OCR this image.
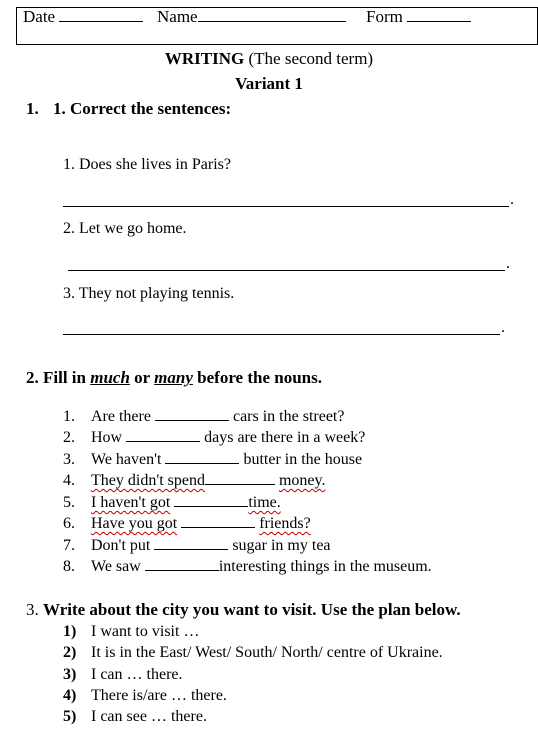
Date	Name	Form
WRITING (The second term)
Variant 1
1. 1. Correct the sentences:
1. Does she lives in Paris?
.
2. Let we go home.
.
3. They not playing tennis.
.
2. Fill in much or many before the nouns.
1. Are there	cars in the street?
2. How	days are there in a week?
3. We haven't	butter in the house
4. They didn't spend	money.
5. I haven't got	time.
6. Have you got	friends?
7. Don't put	sugar in my tea
8. We saw	interesting things in the museum.
3. Write about the city you want to visit. Use the plan below.
1) I want to visit …
2) It is in the East/ West/ South/ North/ centre of Ukraine.
3) I can … there.
4) There is/are … there.
5) I can see … there.
